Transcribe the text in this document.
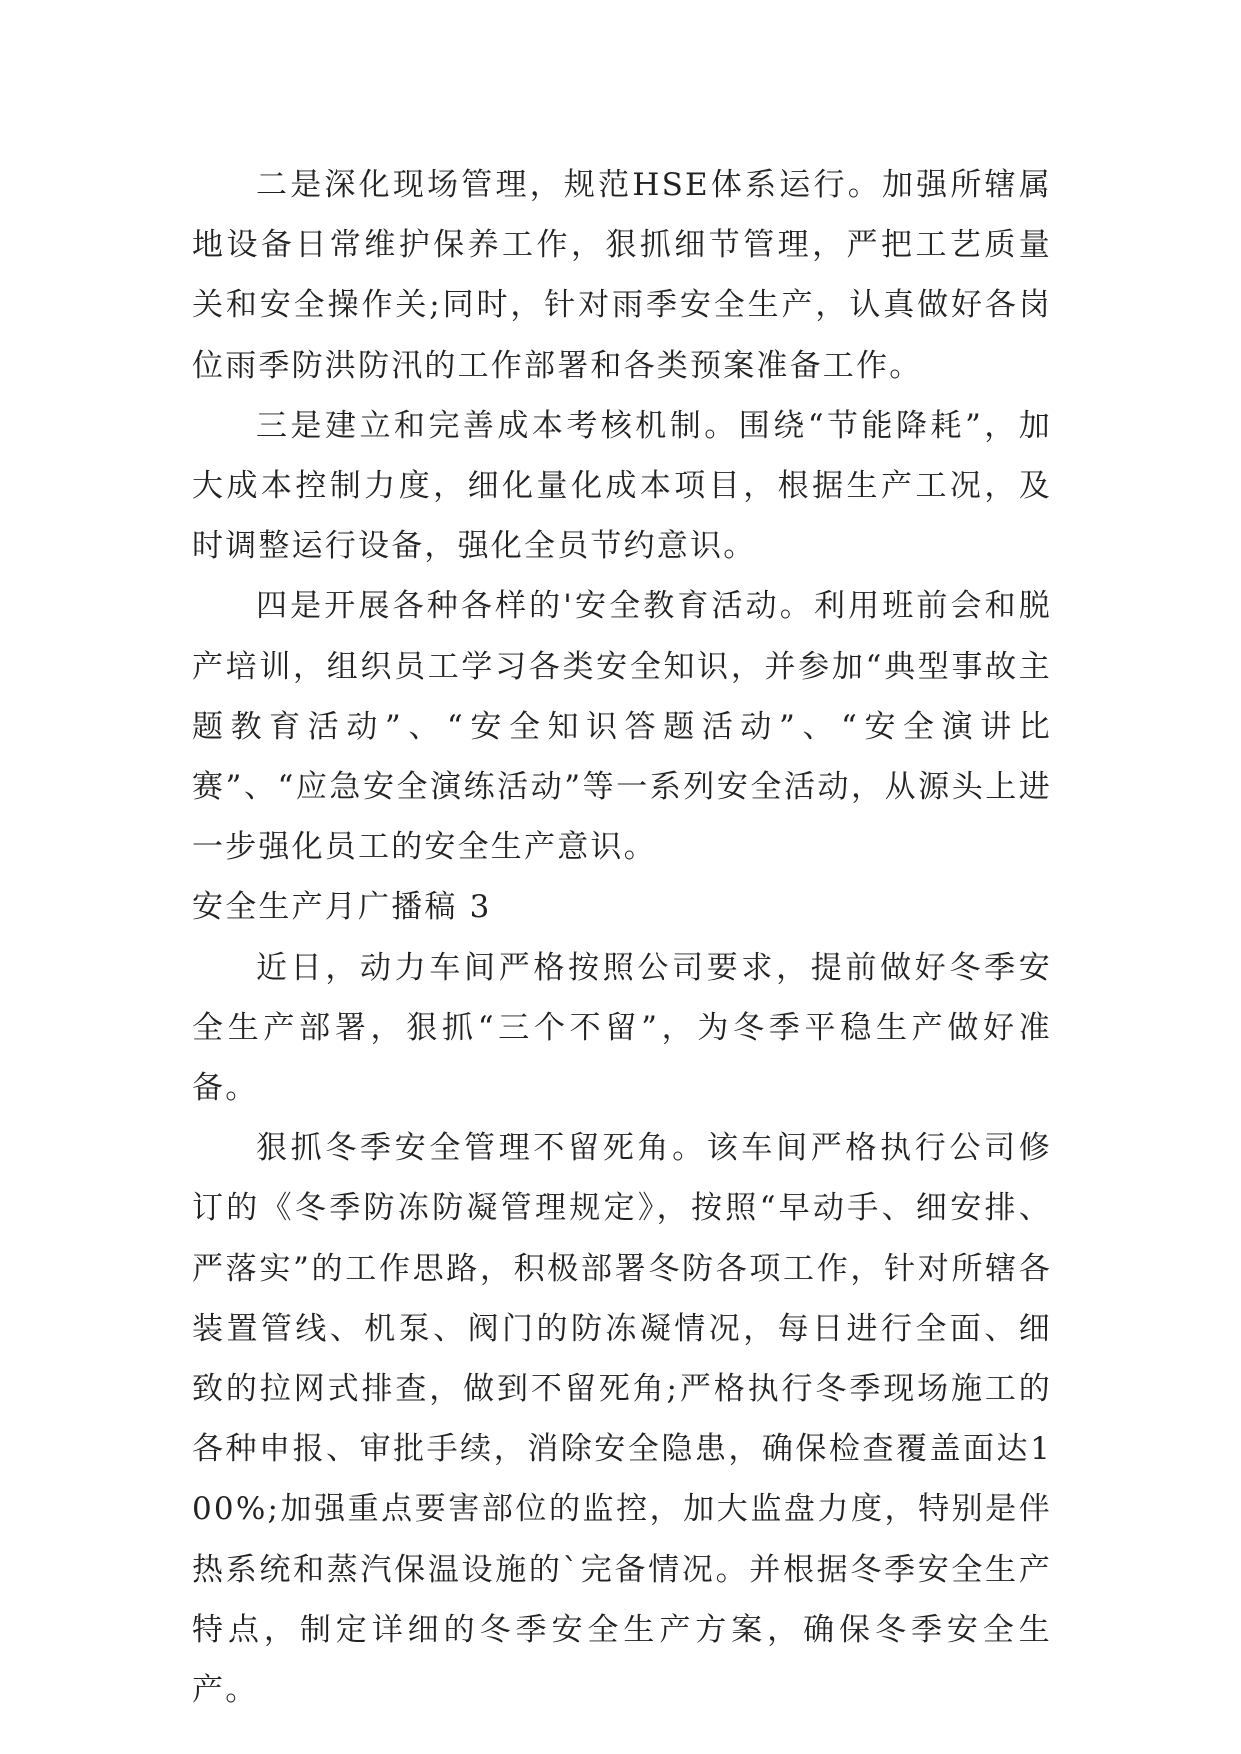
二是深化现场管理，规范HSE体系运行。加强所辖属地设备日常维护保养工作，狠抓细节管理，严把工艺质量关和安全操作关;同时，针对雨季安全生产，认真做好各岗位雨季防洪防汛的工作部署和各类预案准备工作。

三是建立和完善成本考核机制。围绕“节能降耗”，加大成本控制力度，细化量化成本项目，根据生产工况，及时调整运行设备，强化全员节约意识。

四是开展各种各样的'安全教育活动。利用班前会和脱产培训，组织员工学习各类安全知识，并参加“典型事故主题教育活动”、“安全知识答题活动”、“安全演讲比赛”、“应急安全演练活动”等一系列安全活动，从源头上进一步强化员工的安全生产意识。

安全生产月广播稿 3

近日，动力车间严格按照公司要求，提前做好冬季安全生产部署，狠抓“三个不留”，为冬季平稳生产做好准备。

狠抓冬季安全管理不留死角。该车间严格执行公司修订的《冬季防冻防凝管理规定》，按照“早动手、细安排、严落实”的工作思路，积极部署冬防各项工作，针对所辖各装置管线、机泵、阀门的防冻凝情况，每日进行全面、细致的拉网式排查，做到不留死角;严格执行冬季现场施工的各种申报、审批手续，消除安全隐患，确保检查覆盖面达100%;加强重点要害部位的监控，加大监盘力度，特别是伴热系统和蒸汽保温设施的`完备情况。并根据冬季安全生产特点，制定详细的冬季安全生产方案，确保冬季安全生产。
